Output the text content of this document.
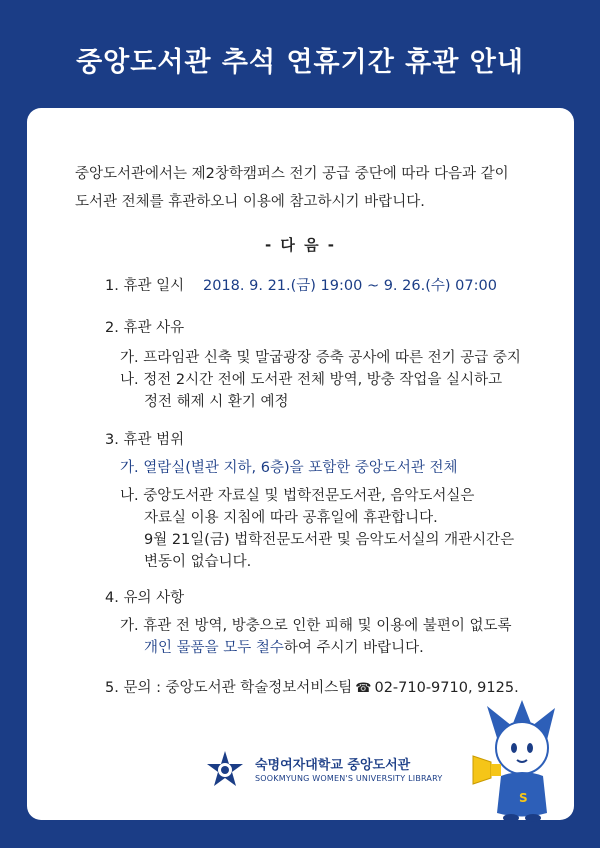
중앙도서관 추석 연휴기간 휴관 안내
중앙도서관에서는 제2창학캠퍼스 전기 공급 중단에 따라 다음과 같이
도서관 전체를 휴관하오니 이용에 참고하시기 바랍니다.
- 다 음 -
1. 휴관 일시 2018. 9. 21.(금) 19:00 ~ 9. 26.(수) 07:00
2. 휴관 사유
가. 프라임관 신축 및 말굽광장 증축 공사에 따른 전기 공급 중지
나. 정전 2시간 전에 도서관 전체 방역, 방충 작업을 실시하고
정전 해제 시 환기 예정
3. 휴관 범위
가. 열람실(별관 지하, 6층)을 포함한 중앙도서관 전체
나. 중앙도서관 자료실 및 법학전문도서관, 음악도서실은
자료실 이용 지침에 따라 공휴일에 휴관합니다.
9월 21일(금) 법학전문도서관 및 음악도서실의 개관시간은
변동이 없습니다.
4. 유의 사항
가. 휴관 전 방역, 방충으로 인한 피해 및 이용에 불편이 없도록
개인 물품을 모두 철수하여 주시기 바랍니다.
5. 문의 : 중앙도서관 학술정보서비스팀 ☎ 02-710-9710, 9125.
숙명여자대학교 중앙도서관
SOOKMYUNG WOMEN'S UNIVERSITY LIBRARY
S
